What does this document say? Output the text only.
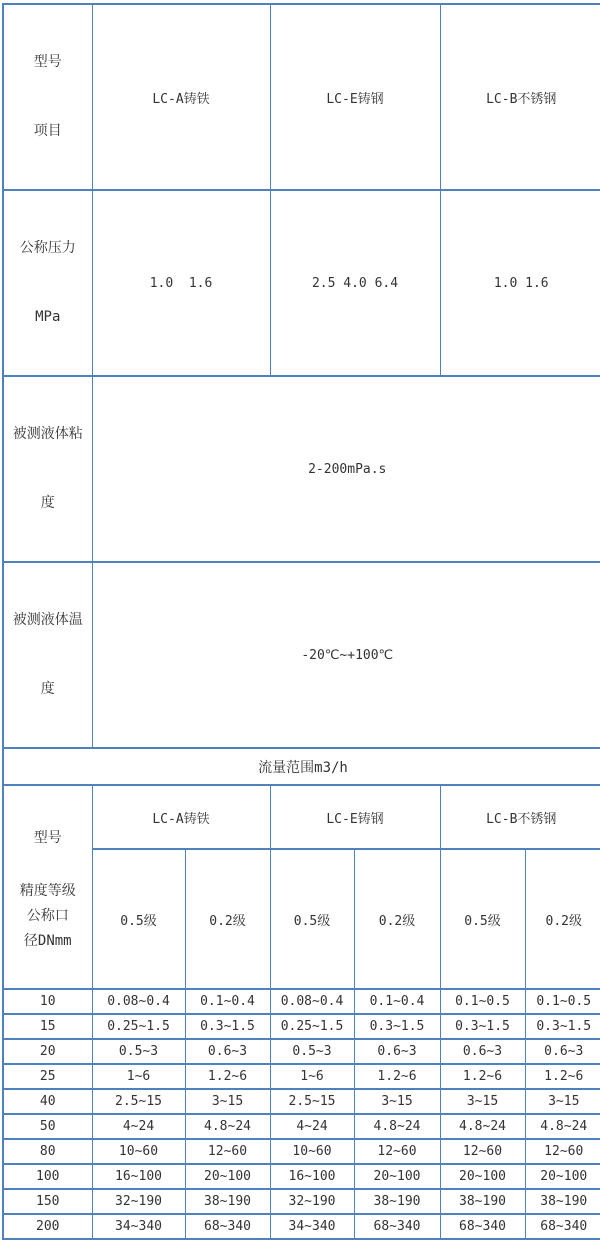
型号

项目	LC-A铸铁		LC-E铸钢		LC-B不锈钢	

公称压力

MPa	1.0  1.6		2.5 4.0 6.4		1.0 1.6	

被测液体粘

度	2-200mPa.s					

被测液体温

度	-20℃~+100℃					
流量范围m3/h						

型号
精度等级
公称口
径DNmm	LC-A铸铁		LC-E铸钢		LC-B不锈钢	
	0.5级	0.2级	0.5级	0.2级	0.5级	0.2级
10	0.08~0.4	0.1~0.4	0.08~0.4	0.1~0.4	0.1~0.5	0.1~0.5
15	0.25~1.5	0.3~1.5	0.25~1.5	0.3~1.5	0.3~1.5	0.3~1.5
20	0.5~3	0.6~3	0.5~3	0.6~3	0.6~3	0.6~3
25	1~6	1.2~6	1~6	1.2~6	1.2~6	1.2~6
40	2.5~15	3~15	2.5~15	3~15	3~15	3~15
50	4~24	4.8~24	4~24	4.8~24	4.8~24	4.8~24
80	10~60	12~60	10~60	12~60	12~60	12~60
100	16~100	20~100	16~100	20~100	20~100	20~100
150	32~190	38~190	32~190	38~190	38~190	38~190
200	34~340	68~340	34~340	68~340	68~340	68~340
